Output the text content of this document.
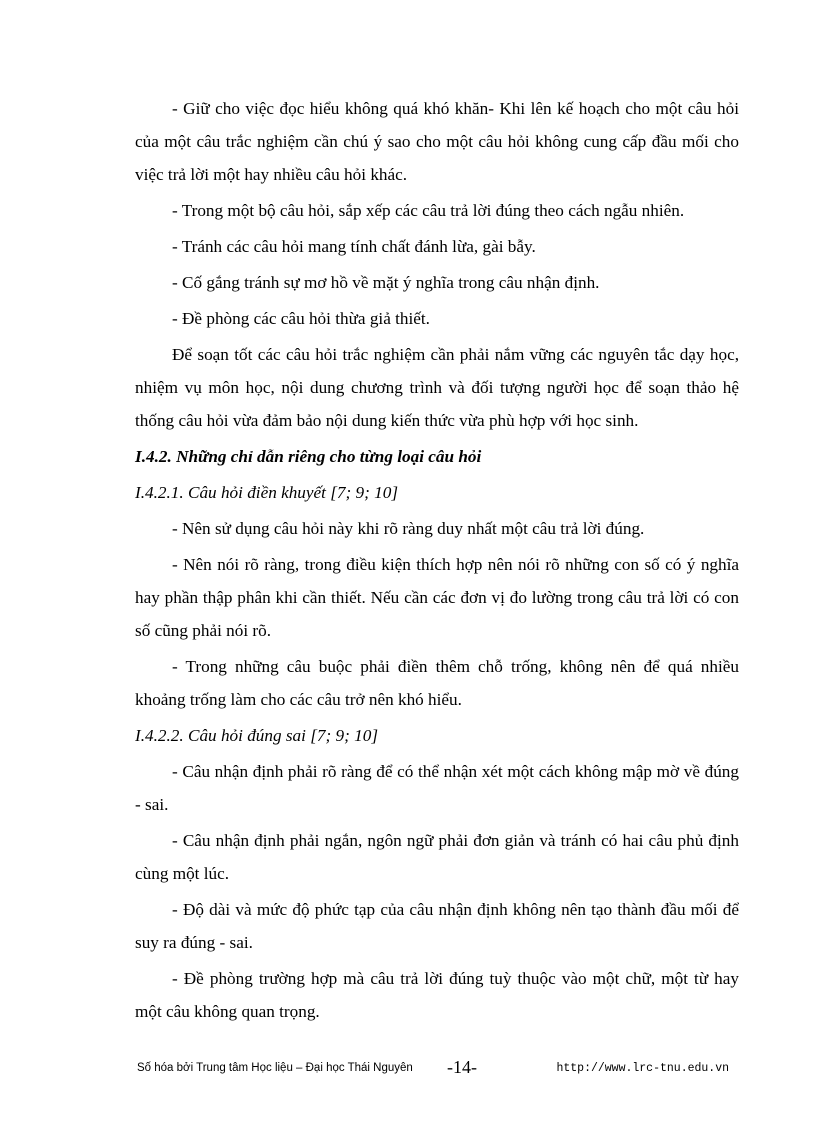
- Giữ cho việc đọc hiểu không quá khó khăn- Khi lên kế hoạch cho một câu hỏi của một câu trắc nghiệm cần chú ý sao cho một câu hỏi không cung cấp đầu mối cho việc trả lời một hay nhiều câu hỏi khác.

- Trong một bộ câu hỏi, sắp xếp các câu trả lời đúng theo cách ngẫu nhiên.

- Tránh các câu hỏi mang tính chất đánh lừa, gài bẫy.

- Cố gắng tránh sự mơ hồ về mặt ý nghĩa trong câu nhận định.

- Đề phòng các câu hỏi thừa giả thiết.

Để soạn tốt các câu hỏi trắc nghiệm cần phải nắm vững các nguyên tắc dạy học, nhiệm vụ môn học, nội dung chương trình và đối tượng người học để soạn thảo hệ thống câu hỏi vừa đảm bảo nội dung kiến thức vừa phù hợp với học sinh.

I.4.2. Những chỉ dẫn riêng cho từng loại câu hỏi

I.4.2.1. Câu hỏi điền khuyết [7; 9; 10]

- Nên sử dụng câu hỏi này khi rõ ràng duy nhất một câu trả lời đúng.

- Nên nói rõ ràng, trong điều kiện thích hợp nên nói rõ những con số có ý nghĩa hay phần thập phân khi cần thiết. Nếu cần các đơn vị đo lường trong câu trả lời có con số cũng phải nói rõ.

- Trong những câu buộc phải điền thêm chỗ trống, không nên để quá nhiều khoảng trống làm cho các câu trở nên khó hiểu.

I.4.2.2. Câu hỏi đúng sai [7; 9; 10]

- Câu nhận định phải rõ ràng để có thể nhận xét một cách không mập mờ về đúng - sai.

- Câu nhận định phải ngắn, ngôn ngữ phải đơn giản và tránh có hai câu phủ định cùng một lúc.

- Độ dài và mức độ phức tạp của câu nhận định không nên tạo thành đầu mối để suy ra đúng - sai.

- Đề phòng trường hợp mà câu trả lời đúng tuỳ thuộc vào một chữ, một từ hay một câu không quan trọng.

Số hóa bởi Trung tâm Học liệu – Đại học Thái Nguyên -14-	http://www.lrc-tnu.edu.vn
